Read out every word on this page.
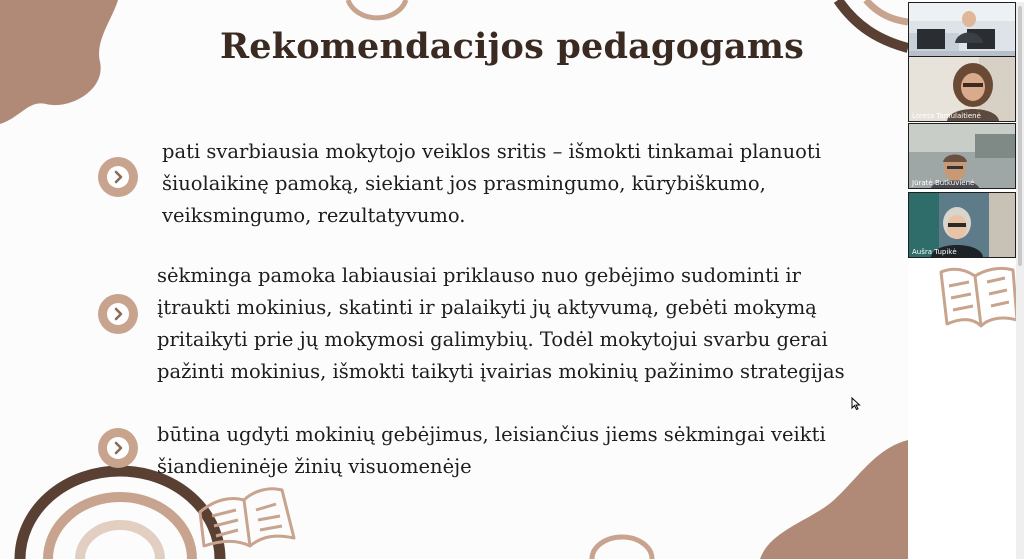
Loreta Tamulaitienė
Jūratė Butkuvienė
Aušra Tupikė
Rekomendacijos pedagogams
pati svarbiausia mokytojo veiklos sritis – išmokti tinkamai planuoti
šiuolaikinę pamoką, siekiant jos prasmingumo, kūrybiškumo,
veiksmingumo, rezultatyvumo.
sėkminga pamoka labiausiai priklauso nuo gebėjimo sudominti ir
įtraukti mokinius, skatinti ir palaikyti jų aktyvumą, gebėti mokymą
pritaikyti prie jų mokymosi galimybių. Todėl mokytojui svarbu gerai
pažinti mokinius, išmokti taikyti įvairias mokinių pažinimo strategijas
būtina ugdyti mokinių gebėjimus, leisiančius jiems sėkmingai veikti
šiandieninėje žinių visuomenėje
